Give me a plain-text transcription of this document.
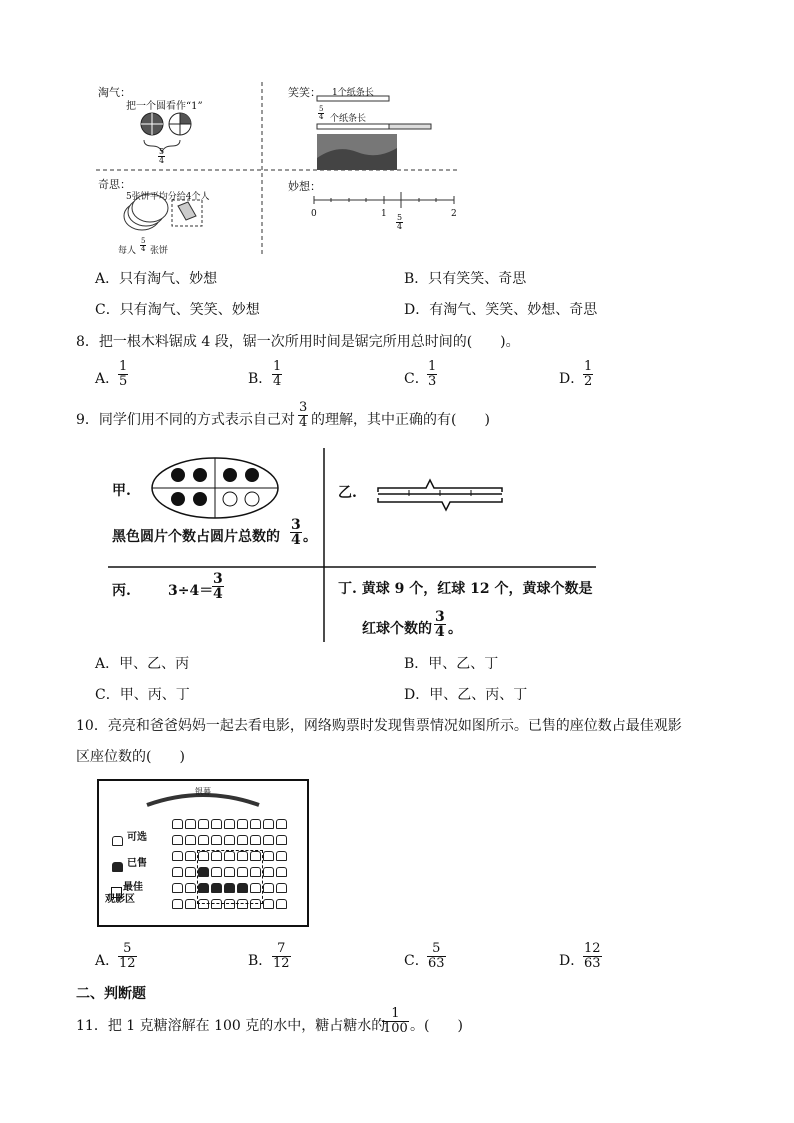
淘气：
把一个圆看作“1”
$\frac{5}{4}$
笑笑： 1个纸条长
$\frac{5}{4}$ 个纸条长
奇思：
5张饼平均分给4个人
每人 $\frac{5}{4}$ 张饼
妙想：
0	1	2
$\frac{5}{4}$
A．只有淘气、妙想	B．只有笑笑、奇思
C．只有淘气、笑笑、妙想	D．有淘气、笑笑、妙想、奇思
8．把一根木料锯成 4 段，锯一次所用时间是锯完所用总时间的(　　)。
A．
$\frac{1}{5}$	B． $\frac{1}{4}$	C．
$\frac{1}{3}$	D．
$\frac{1}{2}$
9．同学们用不同的方式表示自己对 $\frac{3}{4}$ 的理解，其中正确的有(　　)
甲.
黑色圆片个数占圆片总数的 $\frac{3}{4}$ 。
乙.
丙.	3÷4＝
$\frac{3}{4}$	丁. 黄球 9 个，红球 12 个，黄球个数是
红球个数的 $\frac{3}{4}$ 。
A．甲、乙、丙	B．甲、乙、丁
C．甲、丙、丁	D．甲、乙、丙、丁
10．亮亮和爸爸妈妈一起去看电影，网络购票时发现售票情况如图所示。已售的座位数占最佳观影
区座位数的(　　)
银幕
可选
已售
最佳
观影区
A．
$\frac{5}{12}$	B． $\frac{7}{12}$	C．
$\frac{5}{63}$	D．
$\frac{12}{63}$
二、判断题
11．把 1 克糖溶解在 100 克的水中，糖占糖水的
$\frac{1}{100}$ 。(　　)
